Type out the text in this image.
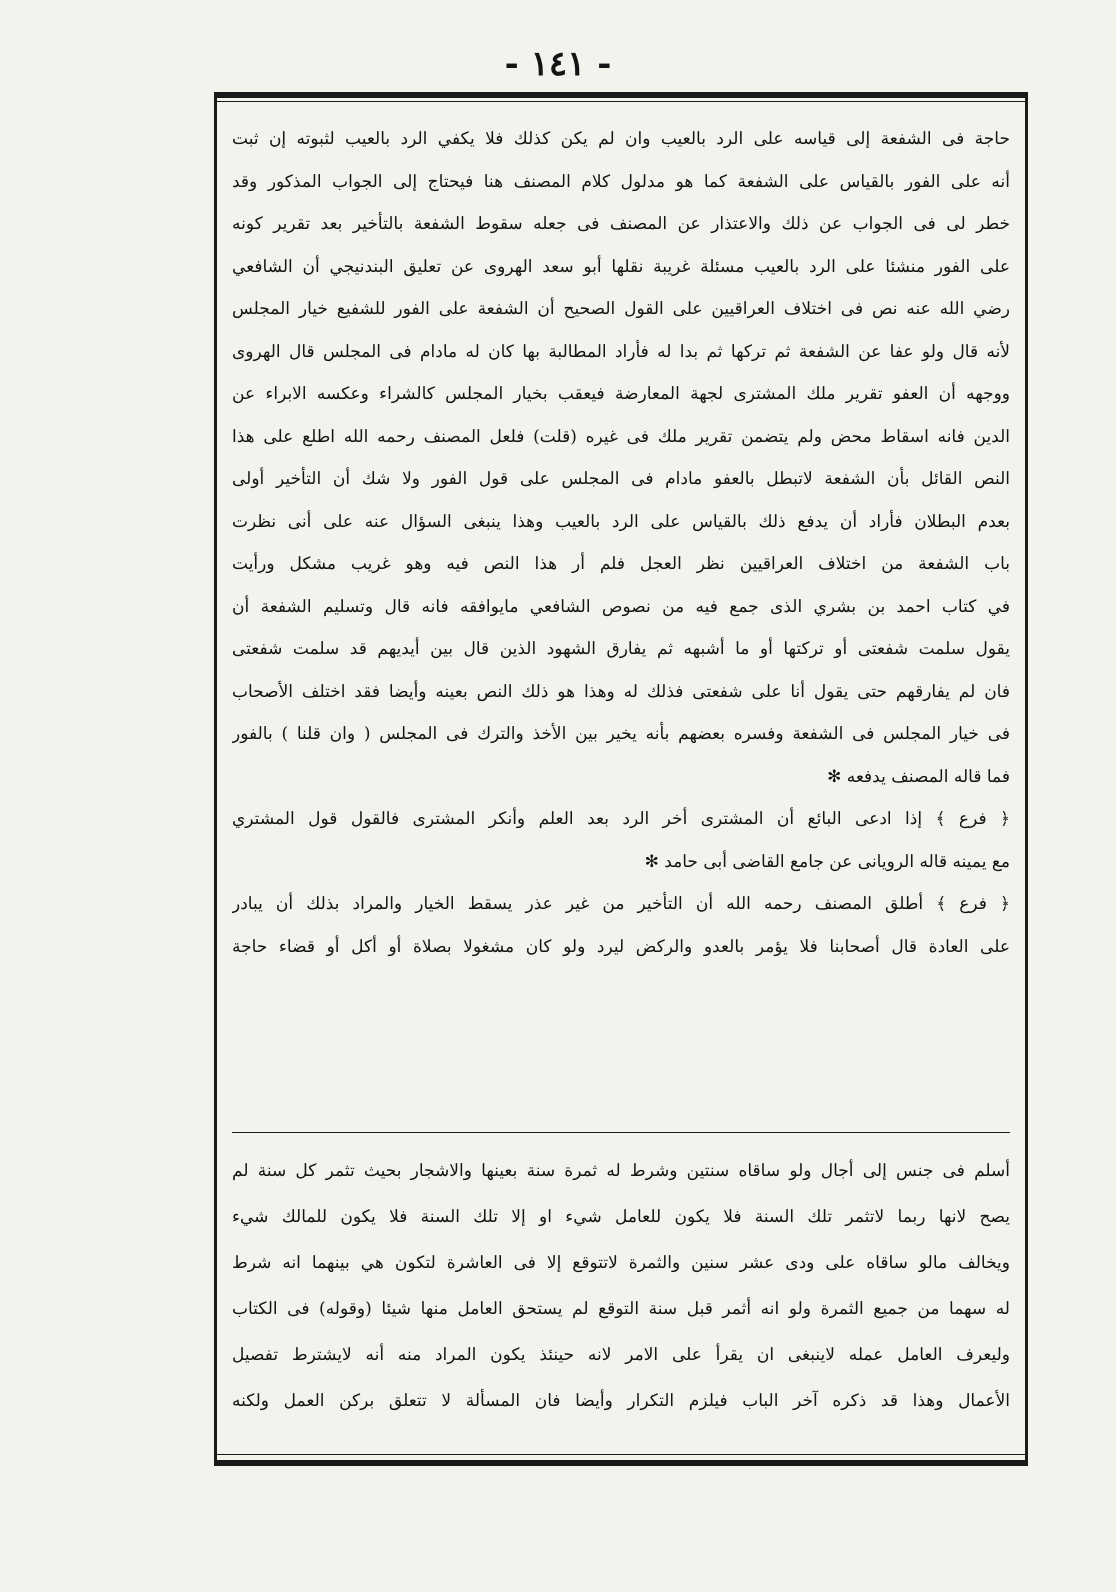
- ١٤١ -
حاجة فى الشفعة إلى قياسه على الرد بالعيب وان لم يكن كذلك فلا يكفي الرد بالعيب لثبوته إن ثبت
أنه على الفور بالقياس على الشفعة كما هو مدلول كلام المصنف هنا فيحتاج إلى الجواب المذكور وقد
خطر لى فى الجواب عن ذلك والاعتذار عن المصنف فى جعله سقوط الشفعة بالتأخير بعد تقرير كونه
على الفور منشئا على الرد بالعيب مسئلة غريبة نقلها أبو سعد الهروى عن تعليق البندنيجي أن الشافعي
رضي الله عنه نص فى اختلاف العراقيين على القول الصحيح أن الشفعة على الفور للشفيع خيار المجلس
لأنه قال ولو عفا عن الشفعة ثم تركها ثم بدا له فأراد المطالبة بها كان له مادام فى المجلس قال الهروى
ووجهه أن العفو تقرير ملك المشترى لجهة المعارضة فيعقب بخيار المجلس كالشراء وعكسه الابراء عن
الدين فانه اسقاط محض ولم يتضمن تقرير ملك فى غيره (قلت) فلعل المصنف رحمه الله اطلع على هذا
النص القائل بأن الشفعة لاتبطل بالعفو مادام فى المجلس على قول الفور ولا شك أن التأخير أولى
بعدم البطلان فأراد أن يدفع ذلك بالقياس على الرد بالعيب وهذا ينبغى السؤال عنه على أنى نظرت
باب الشفعة من اختلاف العراقيين نظر العجل فلم أر هذا النص فيه وهو غريب مشكل ورأيت
في كتاب احمد بن بشري الذى جمع فيه من نصوص الشافعي مايوافقه فانه قال وتسليم الشفعة أن
يقول سلمت شفعتى أو تركتها أو ما أشبهه ثم يفارق الشهود الذين قال بين أيديهم قد سلمت شفعتى
فان لم يفارقهم حتى يقول أنا على شفعتى فذلك له وهذا هو ذلك النص بعينه وأيضا فقد اختلف الأصحاب
فى خيار المجلس فى الشفعة وفسره بعضهم بأنه يخير بين الأخذ والترك فى المجلس ( وان قلنا ) بالفور
فما قاله المصنف يدفعه ✻
﴿ فرع ﴾ إذا ادعى البائع أن المشترى أخر الرد بعد العلم وأنكر المشترى فالقول قول المشتري
مع يمينه قاله الرويانى عن جامع القاضى أبى حامد ✻
﴿ فرع ﴾ أطلق المصنف رحمه الله أن التأخير من غير عذر يسقط الخيار والمراد بذلك أن يبادر
على العادة قال أصحابنا فلا يؤمر بالعدو والركض ليرد ولو كان مشغولا بصلاة أو أكل أو قضاء حاجة
أسلم فى جنس إلى أجال ولو ساقاه سنتين وشرط له ثمرة سنة بعينها والاشجار بحيث تثمر كل سنة لم
يصح لانها ربما لاتثمر تلك السنة فلا يكون للعامل شيء او إلا تلك السنة فلا يكون للمالك شيء
ويخالف مالو ساقاه على ودى عشر سنين والثمرة لاتتوقع إلا فى العاشرة لتكون هي بينهما انه شرط
له سهما من جميع الثمرة ولو انه أثمر قبل سنة التوقع لم يستحق العامل منها شيئا (وقوله) فى الكتاب
وليعرف العامل عمله لاينبغى ان يقرأ على الامر لانه حينئذ يكون المراد منه أنه لايشترط تفصيل
الأعمال وهذا قد ذكره آخر الباب فيلزم التكرار وأيضا فان المسألة لا تتعلق بركن العمل ولكنه
